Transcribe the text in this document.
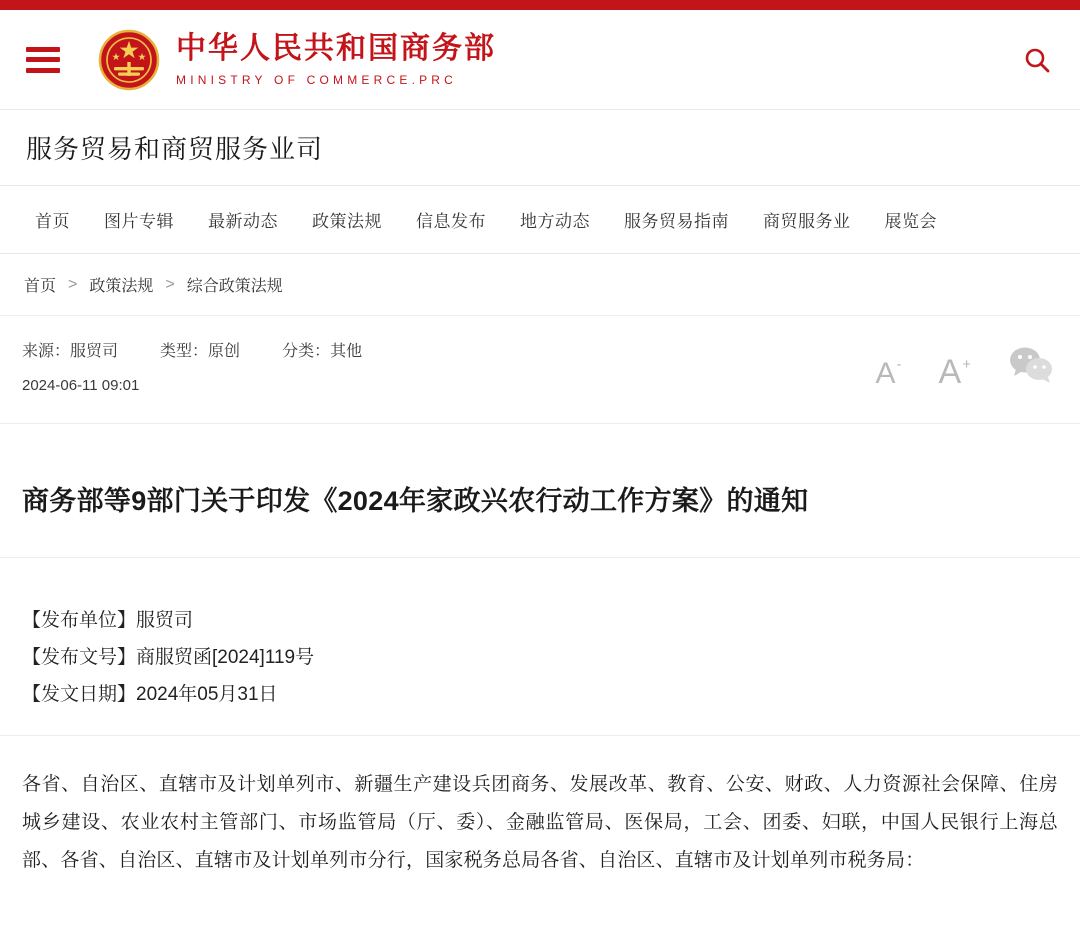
中华人民共和国商务部
MINISTRY OF COMMERCE.PRC
服务贸易和商贸服务业司
首页	图片专辑	最新动态	政策法规	信息发布	地方动态	服务贸易指南	商贸服务业	展览会
首页 > 政策法规 > 综合政策法规
来源：服贸司	类型：原创	分类：其他
2024-06-11 09:01	A- A+
商务部等9部门关于印发《2024年家政兴农行动工作方案》的通知
【发布单位】服贸司
【发布文号】商服贸函[2024]119号
【发文日期】2024年05月31日
各省、自治区、直辖市及计划单列市、新疆生产建设兵团商务、发展改革、教育、公安、财政、人力资源社会保障、住房城乡建设、农业农村主管部门、市场监管局（厅、委）、金融监管局、医保局，工会、团委、妇联，中国人民银行上海总部、各省、自治区、直辖市及计划单列市分行，国家税务总局各省、自治区、直辖市及计划单列市税务局：
